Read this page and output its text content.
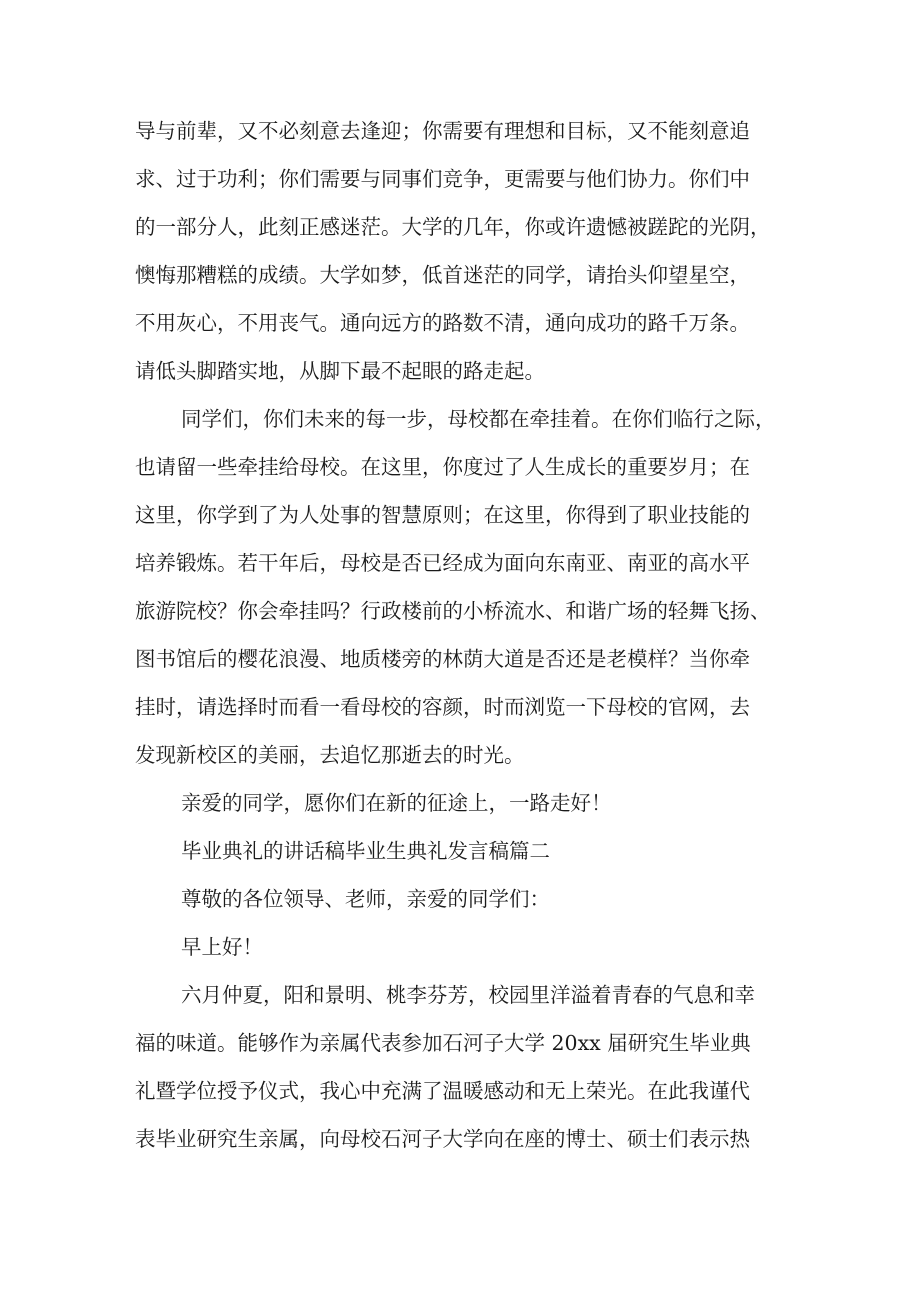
导与前辈，又不必刻意去逢迎；你需要有理想和目标，又不能刻意追
求、过于功利；你们需要与同事们竞争，更需要与他们协力。你们中
的一部分人，此刻正感迷茫。大学的几年，你或许遗憾被蹉跎的光阴，
懊悔那糟糕的成绩。大学如梦，低首迷茫的同学，请抬头仰望星空，
不用灰心，不用丧气。通向远方的路数不清，通向成功的路千万条。
请低头脚踏实地，从脚下最不起眼的路走起。
同学们，你们未来的每一步，母校都在牵挂着。在你们临行之际，
也请留一些牵挂给母校。在这里，你度过了人生成长的重要岁月；在
这里，你学到了为人处事的智慧原则；在这里，你得到了职业技能的
培养锻炼。若干年后，母校是否已经成为面向东南亚、南亚的高水平
旅游院校？你会牵挂吗？行政楼前的小桥流水、和谐广场的轻舞飞扬、
图书馆后的樱花浪漫、地质楼旁的林荫大道是否还是老模样？当你牵
挂时，请选择时而看一看母校的容颜，时而浏览一下母校的官网，去
发现新校区的美丽，去追忆那逝去的时光。
亲爱的同学，愿你们在新的征途上，一路走好！
毕业典礼的讲话稿毕业生典礼发言稿篇二
尊敬的各位领导、老师，亲爱的同学们：
早上好！
六月仲夏，阳和景明、桃李芬芳，校园里洋溢着青春的气息和幸
福的味道。能够作为亲属代表参加石河子大学 20xx 届研究生毕业典
礼暨学位授予仪式，我心中充满了温暖感动和无上荣光。在此我谨代
表毕业研究生亲属，向母校石河子大学向在座的博士、硕士们表示热
